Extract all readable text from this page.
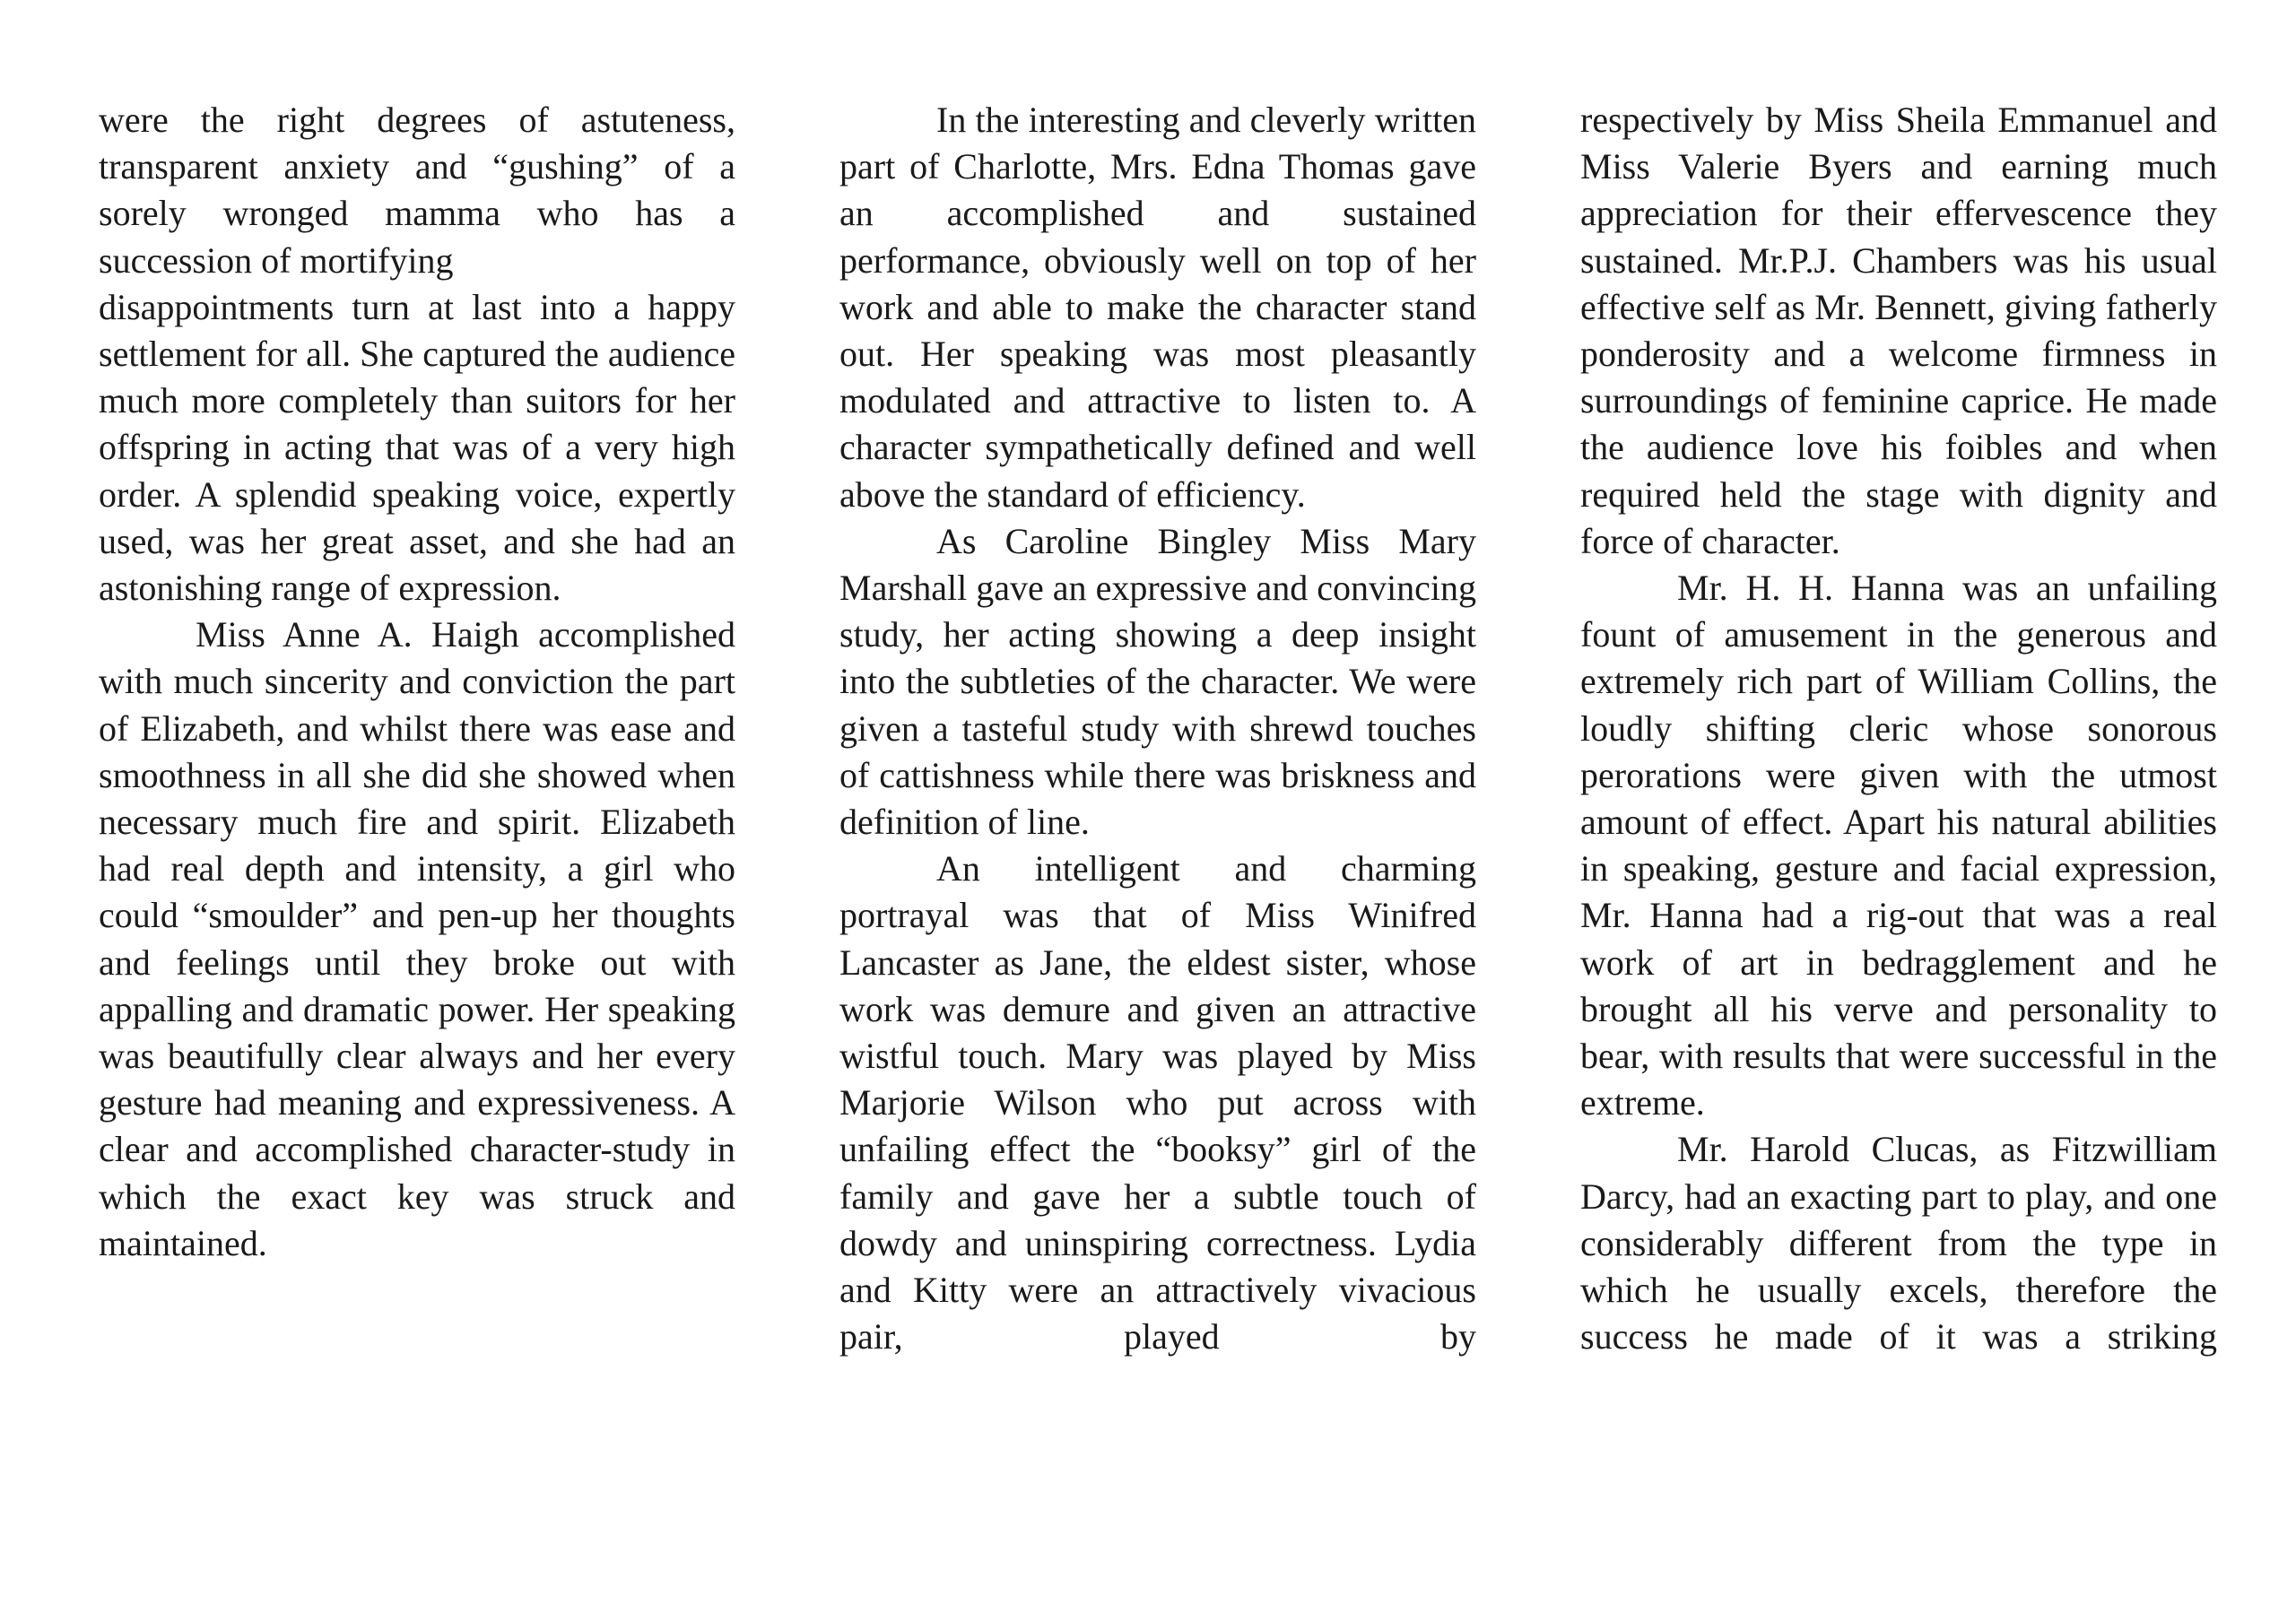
were the right degrees of astuteness, transparent anxiety and “gushing” of a sorely wronged mamma who has a succession of mortifying

disappointments turn at last into a happy settlement for all. She captured the audience much more completely than suitors for her offspring in acting that was of a very high order. A splendid speaking voice, expertly used, was her great asset, and she had an astonishing range of expression.

Miss Anne A. Haigh accomplished with much sincerity and conviction the part of Elizabeth, and whilst there was ease and smoothness in all she did she showed when necessary much fire and spirit. Elizabeth had real depth and intensity, a girl who could “smoulder” and pen-up her thoughts and feelings until they broke out with appalling and dramatic power. Her speaking was beautifully clear always and her every gesture had meaning and expressiveness. A clear and accomplished character-study in which the exact key was struck and maintained.

In the interesting and cleverly written part of Charlotte, Mrs. Edna Thomas gave an accomplished and sustained performance, obviously well on top of her work and able to make the character stand out. Her speaking was most pleasantly modulated and attractive to listen to. A character sympathetically defined and well above the standard of efficiency.

As Caroline Bingley Miss Mary Marshall gave an expressive and convincing study, her acting showing a deep insight into the subtleties of the character. We were given a tasteful study with shrewd touches of cattishness while there was briskness and definition of line.

An intelligent and charming portrayal was that of Miss Winifred Lancaster as Jane, the eldest sister, whose work was demure and given an attractive wistful touch. Mary was played by Miss Marjorie Wilson who put across with unfailing effect the “booksy” girl of the family and gave her a subtle touch of dowdy and uninspiring correctness. Lydia and Kitty were an attractively vivacious pair, played by

respectively by Miss Sheila Emmanuel and Miss Valerie Byers and earning much appreciation for their effervescence they sustained. Mr.P.J. Chambers was his usual effective self as Mr. Bennett, giving fatherly ponderosity and a welcome firmness in surroundings of feminine caprice. He made the audience love his foibles and when required held the stage with dignity and force of character.

Mr. H. H. Hanna was an unfailing fount of amusement in the generous and extremely rich part of William Collins, the loudly shifting cleric whose sonorous perorations were given with the utmost amount of effect. Apart his natural abilities in speaking, gesture and facial expression, Mr. Hanna had a rig-out that was a real work of art in bedragglement and he brought all his verve and personality to bear, with results that were successful in the extreme.

Mr. Harold Clucas, as Fitzwilliam Darcy, had an exacting part to play, and one considerably different from the type in which he usually excels, therefore the success he made of it was a striking
